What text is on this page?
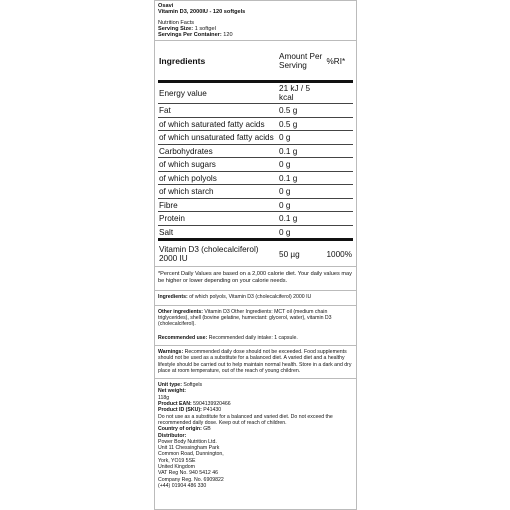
Osavi
Vitamin D3, 2000IU - 120 softgels
Nutrition Facts
Serving Size: 1 softgel
Servings Per Container: 120
Ingredients	Amount Per Serving	%RI*
Energy value	21 kJ / 5 kcal	
Fat	0.5 g	
of which saturated fatty acids	0.5 g	
of which unsaturated fatty acids	0 g	
Carbohydrates	0.1 g	
of which sugars	0 g	
of which polyols	0.1 g	
of which starch	0 g	
Fibre	0 g	
Protein	0.1 g	
Salt	0 g	
Vitamin D3 (cholecalciferol) 2000 IU	50 µg	1000%
*Percent Daily Values are based on a 2,000 calorie diet. Your daily values may be higher or lower depending on your calorie needs.
Ingredients: of which polyols, Vitamin D3 (cholecalciferol) 2000 IU
Other ingredients: Vitamin D3 Other Ingredients: MCT oil (medium chain triglycerides), shell (bovine gelatine, humectant: glycerol, water), vitamin D3 (cholecalciferol).
Recommended use: Recommended daily intake: 1 capsule.
Warnings: Recommended daily dose should not be exceeded. Food supplements should not be used as a substitute for a balanced diet. A varied diet and a healthy lifestyle should be carried out to help maintain normal health. Store in a dark and dry place at room temperature, out of the reach of young children.
Unit type: Softgels
Net weight:
118g
Product EAN: 5904139920466
Product ID (SKU): P41430
Do not use as a substitute for a balanced and varied diet. Do not exceed the recommended daily dose. Keep out of reach of children.
Country of origin: GB
Distributor:
Power Body Nutrition Ltd.
Unit 11 Chessingham Park
Common Road, Dunnington,
York, YO19 5SE
United Kingdom
VAT Reg No. 940 5412 46
Company Reg. No. 6909822
(+44) 01904 486 330
